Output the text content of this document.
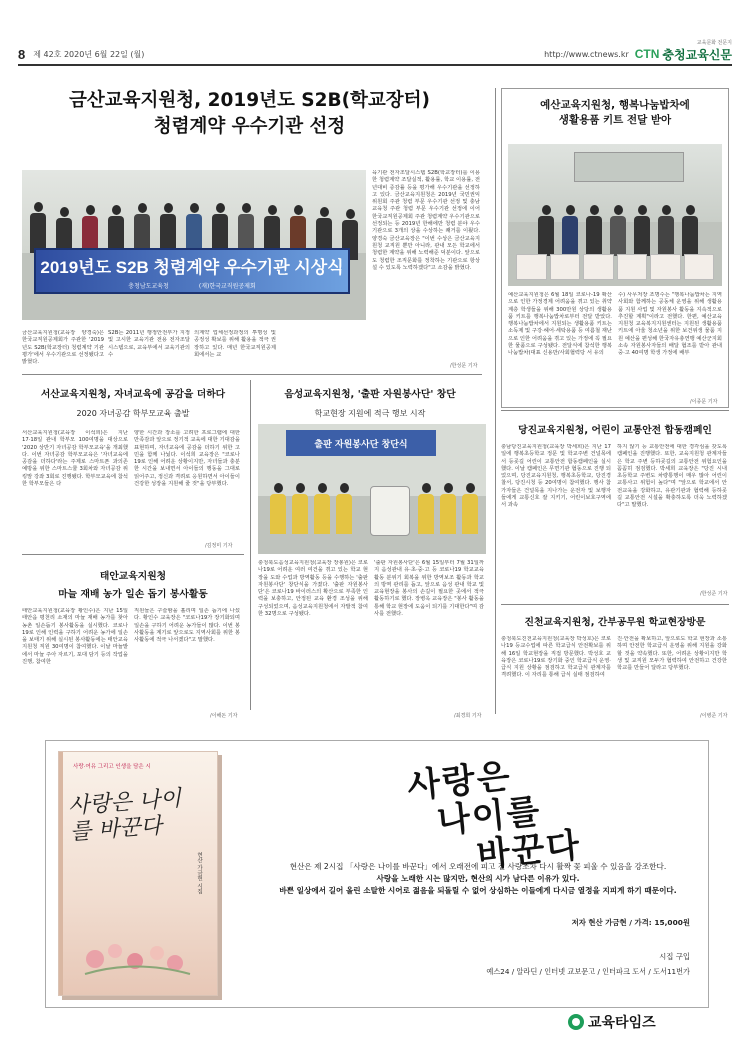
8 제 42호 2020년 6월 22일 (월)	http://www.ctnews.kr
교육문화 전문지
CTN 충청교육신문
금산교육지원청, 2019년도 S2B(학교장터)
청렴계약 우수기관 선정
2019년도 S2B 청렴계약 우수기관 시상식
충청남도교육청	(재)한국교직원공제회
금산교육지원청(교육장 양경숙)은 한국교직원공제회가 주관한 '2019년도 S2B(학교장터) 청렴계약 기관평가'에서 우수기관으로 선정됐다고 밝혔다.
S2B는 2011년 행정안전부가 지정 및 고시한 교육기관 전용 전자조달시스템으로, 교육부에서 교육기관의 수
의계약 업체선정과정의 투명성 및 공정성 확보를 위해 활용을 적극 권장하고 있다. 매년 한국교직원공제회에서는 교
육기관 전자조달시스템 S2B(학교장터)를 이용한 청렴계약 조달실적, 활용률, 학교 이용률, 전년대비 증감률 등을 평가해 우수기관을 선정하고 있다. 금산교육지원청은 2019년 국민권익위원회 주관 청렴 부문 우수기관 선정 및 충남교육청 주관 청렴 부문 우수기관 선정에 이어 한국교직원공제회 주관 청렴계약 우수기관으로 선정되는 등 2019년 한해에만 청렴 분야 우수기관으로 3개의 상을 수상하는 쾌거를 이뤘다. 양경숙 금산교육장은 "이번 수상은 금산교육지원청 교직원 뿐만 아니라, 관내 모든 학교에서 청렴한 계약을 위해 노력해준 덕분이다. 앞으로도 청렴한 조직문화를 정착하는 기관으로 항상 설 수 있도록 노력하겠다"고 소감을 밝혔다.
/한성문 기자
예산교육지원청, 행복나눔밥차에
생활용품 키트 전달 받아
예산교육지원청은 6월 18일 코로나-19 확산으로 인한 가정경제 어려움을 겪고 있는 취약계층 학생들을 위해 300만원 상당의 생활용품 키트를 행복나눔밥차로부터 전달 받았다. 행복나눔밥차에서 지원되는 생활용품 키트는 소독제 및 구강·헤어·세탁용품 등 여름철 재난으로 인한 어려움을 겪고 있는 가정에 꼭 필요한 물품으로 구성됐다. 전달식에 참석한 행복나눔밥차(대표 신용만/사회협력당 서 유의
수) 사무처장 조명수는 "행복나눔밥차는 지역사회와 함께하는 공동체 운영을 위해 생활용품 지원 사업 및 자원봉사 활동을 지속적으로 추진할 계획"이라고 전했다. 한편, 예산교육지원청 교육복지지원센터는 지원된 생활용품 키트에 아울 청소년을 위한 보건위생 물품 지원 예산을 편성해 한국자유총연맹 예산군지회 소속 자원봉사자들의 배달 협조를 받아 관내 중·고 40여명 학생 가정에 배부
/이종문 기자
서산교육지원청, 자녀교육에 공감을 더하다
2020 자녀공감 학부모교육 출발
서산교육지원청(교육장 이석희)은 지난 17·18일 관내 학부모 100여명을 대상으로 '2020 상반기 자녀공감 학부모교육'을 개최했다. 이번 자녀공감 학부모교육은 '자녀교육에 공감을 더하다'라는 주제로 스마트폰 과의존 예방을 위한 스마트스쿨 3회차와 자녀공감 위킹맘 강좌 3회로 진행됐다. 학부모교육에 참석한 학부모들은 다
양한 시간과 장소를 고려한 프로그램에 대한 만족감과 앞으로 정기적 교육에 대한 기대감을 표현하며, 자녀교육에 공감을 더하기 위한 고민을 함께 나눴다. 이석희 교육장은 "코로나19로 인해 어려운 상황이지만, 자녀들과 충분한 시간을 보내면서 아이들의 행동을 그대로 읽어주고, 정신과 격려로 응원하면서 아이들이 건강한 성장을 지원해 줄 것"을 당부했다.
/김정미 기자
음성교육지원청, '출판 자원봉사단' 창단
학교현장 지원에 적극 행보 시작
출판 자원봉사단 창단식
충청북도음성교육지원청(교육장 장봉원)은 코로나19로 어려운 여러 여건을 겪고 있는 학교 현장을 도와 수업과 방역활동 등을 수행하는 '출판 자원봉사단' 창단식을 가졌다. '출판 자원봉사단'은 코로나19 바이러스의 확산으로 부족한 인력을 보충하고, 안정된 교육 환경 조성을 위해 구성되었으며, 음성교육지원청에서 자발적 참여한 32명으로 구성됐다.
'출판 자원봉사단'은 6월 15일부터 7월 31일까지 음성관내 유·초·중·고 등 코로나19 학교교육활동 분위기 회복을 위한 방역보조 활동과 학교의 방역 관리를 돕고, 앞으로 음성 관내 학교 및 교육현장을 봉사의 손길이 필요한 곳에서 적극 활동하기로 했다. 장병옥 교육장은 "봉사 활동을 통해 학교 현장에 도움이 되기를 기대한다"며 감사를 전했다.
/최경희 기자
태안교육지원청
마늘 재배 농가 일손 돕기 봉사활동
태안교육지원청(교육장 황인수)은 지난 15일 태안읍 평천리 소재의 마늘 재배 농가를 찾아 농촌 일손돕기 봉사활동을 실시했다. 코로나19로 인해 인력을 구하기 어려운 농가에 일손을 보태기 위해 실시된 봉사활동에는 태안교육지원청 직원 30여명이 참여했다. 이날 마늘밭에서 마늘 주아 자르기, 포대 담기 등의 작업을 진행, 참여한
직원들은 구슬땀을 흘리며 일손 돕기에 나섰다. 황인수 교육장은 "코로나19가 장기화되며 일손을 구하기 어려운 농가들이 많다. 이번 봉사활동을 계기로 앞으로도 지역사회를 위한 봉사활동에 적극 나서겠다"고 말했다.
/이해돈 기자
당진교육지원청, 어린이 교통안전 합동캠페인
충남당진교육지원청(교육장 박세희)은 지난 17일에 행복초등학교 정문 및 학교주변 건널목에서 등굣길 어린이 교통안전 합동캠페인을 실시했다. 이날 캠페인은 무면기관 협동으로 진행 되었으며, 당진교육지원청, 행복초등학교, 당진경찰서, 당진시청 등 20여명이 참여했다. 행사 참가자들은 건널목을 지나가는 운전자 및 보행자들에게 교통신호 잘 지키기, 어린이보호구역에서 과속
하지 않기 등 교통안전에 대한 경각심을 갖도록 캠페인을 진행했다. 또한, 교육지원청 관계자들은 학교 주변 등하굣길의 교통안전 위험요인을 꼼꼼히 점검했다. 박세희 교육장은 "당진 시내 초등학교 주변도 차량통행이 매우 많아 어린이 교통사고 위험이 높다"며 "앞으로 학교에서 안전교육을 강화하고, 유관기관과 협력해 등하굣길 교통안전 시설을 확충하도록 더욱 노력하겠다"고 말했다.
/한성준 기자
진천교육지원청, 간부공무원 학교현장방문
충청북도진천교육지원청(교육장 박성호)은 코로나19 등교수업에 따른 학교급식 안전확보를 위해 16일 학교현장을 직접 방문했다. 박성호 교육장은 코로나19로 장기화 중인 학교급식 운영·급식 지원 상황을 점검하고 학교급식 관계자를 격려했다. 이 자리를 통해 급식 실태 점검하여
진·안전을 확보하고, 앞으로도 학교 현장과 소통하며 안전한 학교급식 운영을 위해 지원을 강화할 것을 약속했다. 또한, 어려운 상황이지만 학생 및 교직원 모두가 협력하여 안전하고 건강한 학교를 만들어 달라고 당부했다.
/이병준 기자
사랑·여유 그리고 인생을 담은 시
사랑은 나이를 바꾼다
현산 가금현 시집
사랑은
나이를
바꾼다
현산은 제 2시집 「사랑은 나이를 바꾼다」에서 오래전에 피고 진 사랑조차 다시 활짝 꽃 피울 수 있음을 강조한다.

사랑을 노래한 시는 많지만, 현산의 시가 남다른 이유가 있다.

바쁜 일상에서 길어 올린 소탈한 시어로 젊음을 되돌릴 수 없어 상심하는 이들에게 다시금 열정을 지피게 하기 때문이다.

저자 현산 가금현 / 가격: 15,000원
시집 구입
예스24 / 알라딘 / 인터넷 교보문고 / 인터파크 도서 / 도서11번가
교육타임즈
